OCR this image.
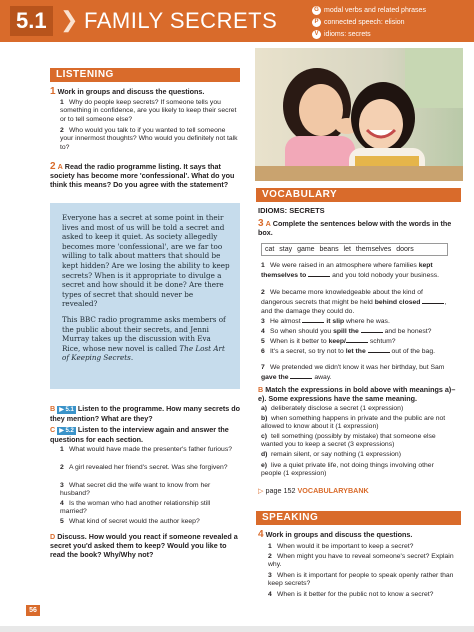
5.1 ❯ FAMILY SECRETS	G modal verbs and related phrases
P connected speech: elision
V idioms: secrets
LISTENING
1 Work in groups and discuss the questions.
1 Why do people keep secrets? If someone tells you something in confidence, are you likely to keep their secret or to tell someone else?
2 Who would you talk to if you wanted to tell someone your innermost thoughts? Who would you definitely not talk to?
2 A Read the radio programme listing. It says that society has become more 'confessional'. What do you think this means? Do you agree with the statement?

Everyone has a secret at some point in their lives and most of us will be told a secret and asked to keep it quiet. As society allegedly becomes more 'confessional', are we far too willing to talk about matters that should be kept hidden? Are we losing the ability to keep secrets? When is it appropriate to divulge a secret and how should it be done? Are there types of secret that should never be revealed?

This BBC radio programme asks members of the public about their secrets, and Jenni Murray takes up the discussion with Eva Rice, whose new novel is called The Lost Art of Keeping Secrets.

B ▶ 5.1 Listen to the programme. How many secrets do they mention? What are they?
C ▶ 5.2 Listen to the interview again and answer the questions for each section.
1 What would have made the presenter's father furious?
2 A girl revealed her friend's secret. Was she forgiven?
3 What secret did the wife want to know from her husband?
4 Is the woman who had another relationship still married?
5 What kind of secret would the author keep?
D Discuss. How would you react if someone revealed a secret you'd asked them to keep? Would you like to read the book? Why/Why not?
VOCABULARY
IDIOMS: SECRETS
3 A Complete the sentences below with the words in the box.
cat stay game beans let themselves doors
1 We were raised in an atmosphere where families kept themselves to	and you told nobody your business.
2 We became more knowledgeable about the kind of dangerous secrets that might be held behind closed	, and the damage they could do.
3 He almost	it slip where he was.
4 So when should you spill the	and be honest?
5 When is it better to keep/	schtum?
6 It's a secret, so try not to let the	out of the bag.
7 We pretended we didn't know it was her birthday, but Sam gave the	away.
B Match the expressions in bold above with meanings a)–e). Some expressions have the same meaning.
a) deliberately disclose a secret (1 expression)
b) when something happens in private and the public are not allowed to know about it (1 expression)
c) tell something (possibly by mistake) that someone else wanted you to keep a secret (3 expressions)
d) remain silent, or say nothing (1 expression)
e) live a quiet private life, not doing things involving other people (1 expression)
▷ page 152 VOCABULARYBANK
SPEAKING
4 Work in groups and discuss the questions.
1 When would it be important to keep a secret?
2 When might you have to reveal someone's secret? Explain why.
3 When is it important for people to speak openly rather than keep secrets?
4 When is it better for the public not to know a secret?
56
